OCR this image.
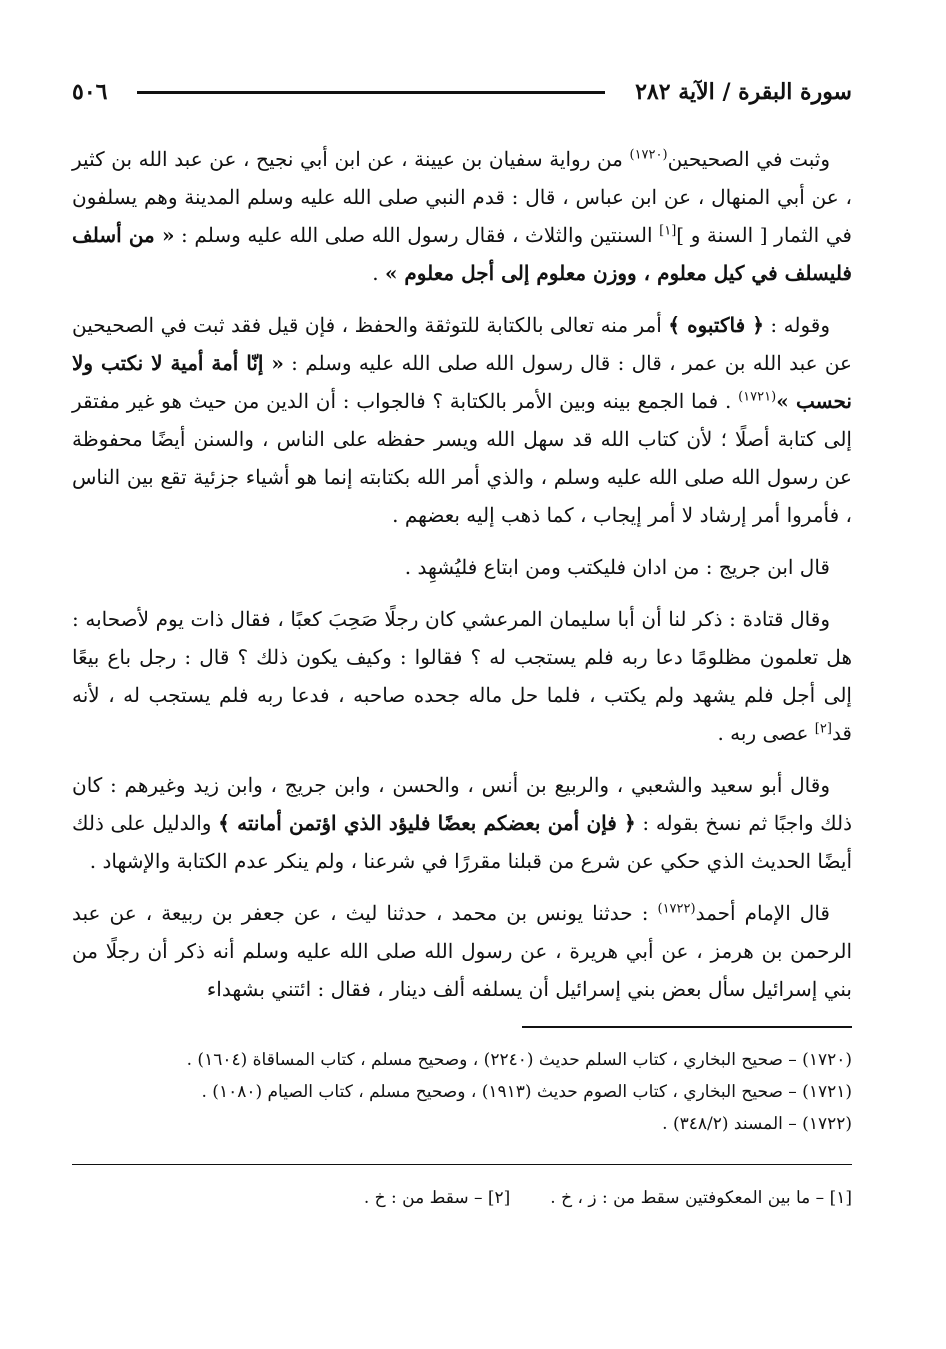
٥٠٦	سورة البقرة / الآية ٢٨٢

وثبت في الصحيحين$^{(١٧٢٠)}$ من رواية سفيان بن عيينة ، عن ابن أبي نجيح ، عن عبد الله بن كثير ، عن أبي المنهال ، عن ابن عباس ، قال : قدم النبي صلى الله عليه وسلم المدينة وهم يسلفون في الثمار [ السنة و ][١] السنتين والثلاث ، فقال رسول الله صلى الله عليه وسلم : « من أسلف فليسلف في كيل معلوم ، ووزن معلوم إلى أجل معلوم » .

وقوله : ﴿ فاكتبوه ﴾ أمر منه تعالى بالكتابة للتوثقة والحفظ ، فإن قيل فقد ثبت في الصحيحين عن عبد الله بن عمر ، قال : قال رسول الله صلى الله عليه وسلم : « إنّا أمة أمية لا نكتب ولا نحسب »$^{(١٧٢١)}$ . فما الجمع بينه وبين الأمر بالكتابة ؟ فالجواب : أن الدين من حيث هو غير مفتقر إلى كتابة أصلًا ؛ لأن كتاب الله قد سهل الله ويسر حفظه على الناس ، والسنن أيضًا محفوظة عن رسول الله صلى الله عليه وسلم ، والذي أمر الله بكتابته إنما هو أشياء جزئية تقع بين الناس ، فأمروا أمر إرشاد لا أمر إيجاب ، كما ذهب إليه بعضهم .

قال ابن جريج : من ادان فليكتب ومن ابتاع فليُشهِد .

وقال قتادة : ذكر لنا أن أبا سليمان المرعشي كان رجلًا صَحِبَ كعبًا ، فقال ذات يوم لأصحابه : هل تعلمون مظلومًا دعا ربه فلم يستجب له ؟ فقالوا : وكيف يكون ذلك ؟ قال : رجل باع بيعًا إلى أجل فلم يشهد ولم يكتب ، فلما حل ماله جحده صاحبه ، فدعا ربه فلم يستجب له ، لأنه قد[٢] عصى ربه .

وقال أبو سعيد والشعبي ، والربيع بن أنس ، والحسن ، وابن جريج ، وابن زيد وغيرهم : كان ذلك واجبًا ثم نسخ بقوله : ﴿ فإن أمن بعضكم بعضًا فليؤد الذي اؤتمن أمانته ﴾ والدليل على ذلك أيضًا الحديث الذي حكي عن شرع من قبلنا مقررًا في شرعنا ، ولم ينكر عدم الكتابة والإشهاد .

قال الإمام أحمد$^{(١٧٢٢)}$ : حدثنا يونس بن محمد ، حدثنا ليث ، عن جعفر بن ربيعة ، عن عبد الرحمن بن هرمز ، عن أبي هريرة ، عن رسول الله صلى الله عليه وسلم أنه ذكر أن رجلًا من بني إسرائيل سأل بعض بني إسرائيل أن يسلفه ألف دينار ، فقال : ائتني بشهداء

(١٧٢٠) – صحيح البخاري ، كتاب السلم حديث (٢٢٤٠) ، وصحيح مسلم ، كتاب المساقاة (١٦٠٤) .

(١٧٢١) – صحيح البخاري ، كتاب الصوم حديث (١٩١٣) ، وصحيح مسلم ، كتاب الصيام (١٠٨٠) .

(١٧٢٢) – المسند (٣٤٨/٢) .

[١] – ما بين المعكوفتين سقط من : ز ، خ .
[٢] – سقط من : خ .
